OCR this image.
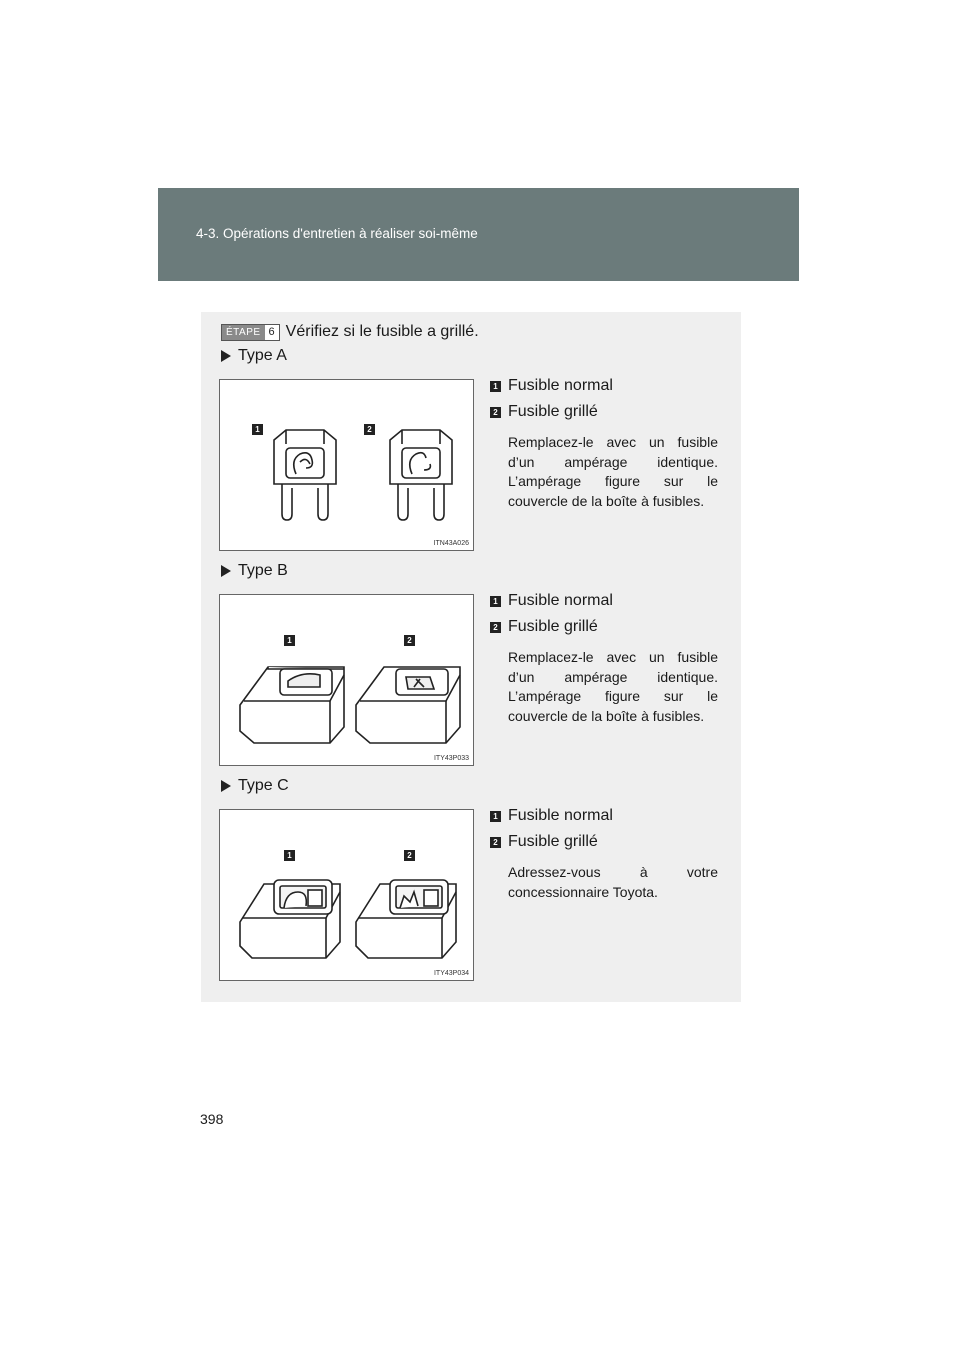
4-3. Opérations d'entretien à réaliser soi-même
ÉTAPE 6 Vérifiez si le fusible a grillé.
Type A
1	2
ITN43A026
1 Fusible normal
2 Fusible grillé
Remplacez-le avec un fusible d’un ampérage identique. L’ampérage figure sur le couvercle de la boîte à fusibles.
Type B
1	2
ITY43P033
1 Fusible normal
2 Fusible grillé
Remplacez-le avec un fusible d’un ampérage identique. L’ampérage figure sur le couvercle de la boîte à fusibles.
Type C
1	2
ITY43P034
1 Fusible normal
2 Fusible grillé
Adressez-vous à votre concessionnaire Toyota.
398
